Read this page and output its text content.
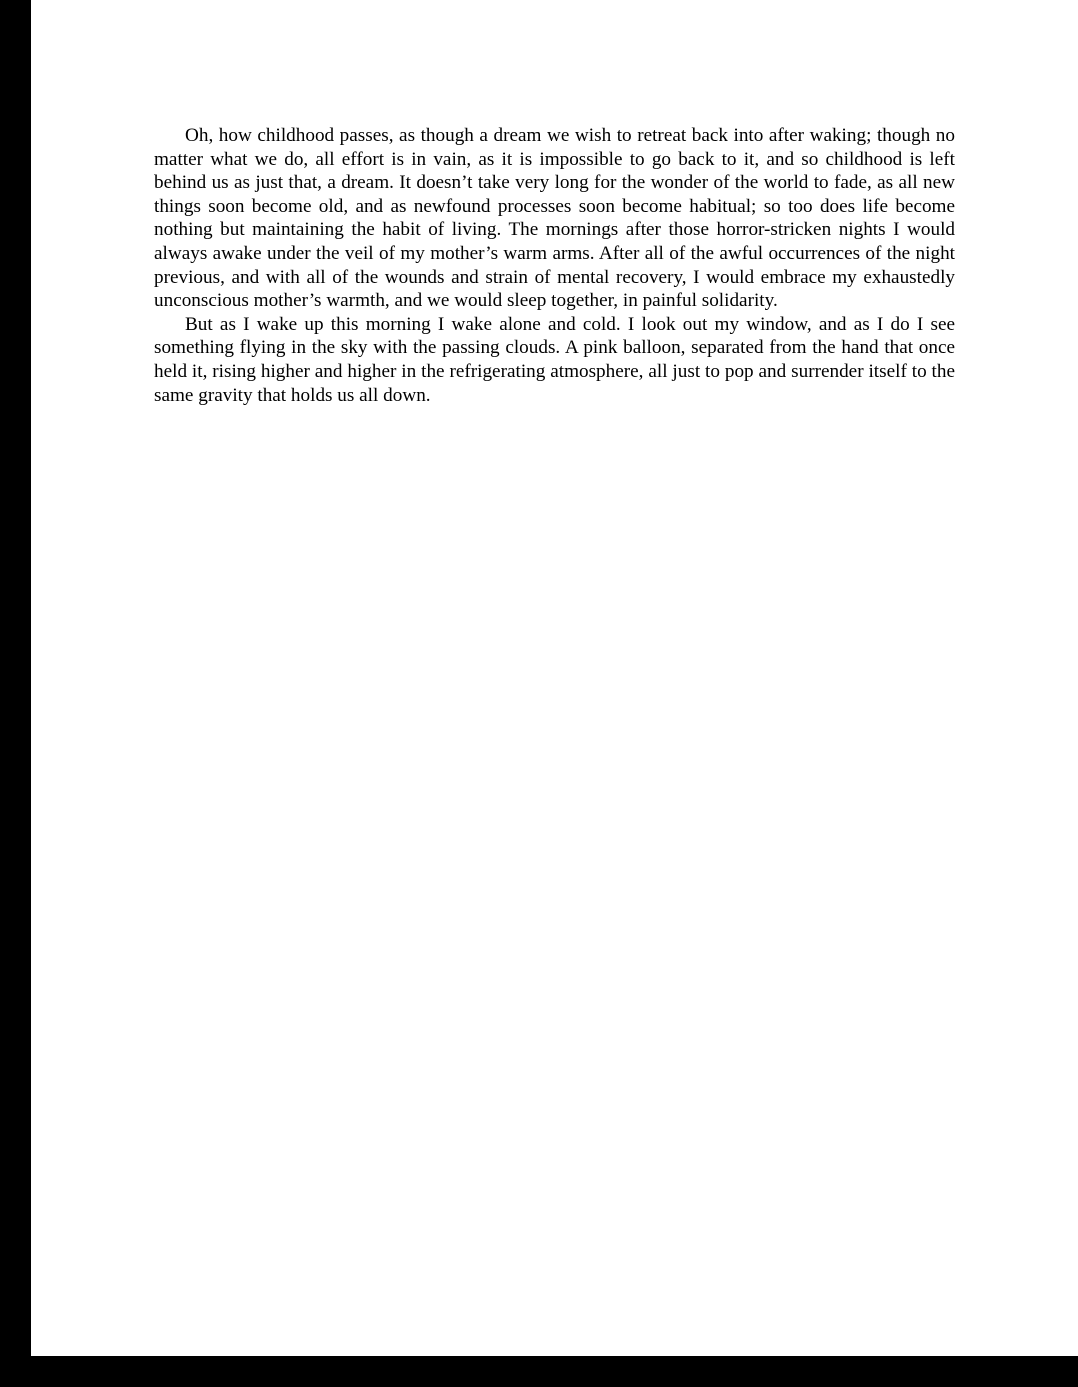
Oh, how childhood passes, as though a dream we wish to retreat back into after waking; though no matter what we do, all effort is in vain, as it is impossible to go back to it, and so childhood is left behind us as just that, a dream. It doesn’t take very long for the wonder of the world to fade, as all new things soon become old, and as newfound processes soon become habitual; so too does life become nothing but maintaining the habit of living. The mornings after those horror-stricken nights I would always awake under the veil of my mother’s warm arms. After all of the awful occurrences of the night previous, and with all of the wounds and strain of mental recovery, I would embrace my exhaustedly unconscious mother’s warmth, and we would sleep together, in painful solidarity.

But as I wake up this morning I wake alone and cold. I look out my window, and as I do I see something flying in the sky with the passing clouds. A pink balloon, separated from the hand that once held it, rising higher and higher in the refrigerating atmosphere, all just to pop and surrender itself to the same gravity that holds us all down.
